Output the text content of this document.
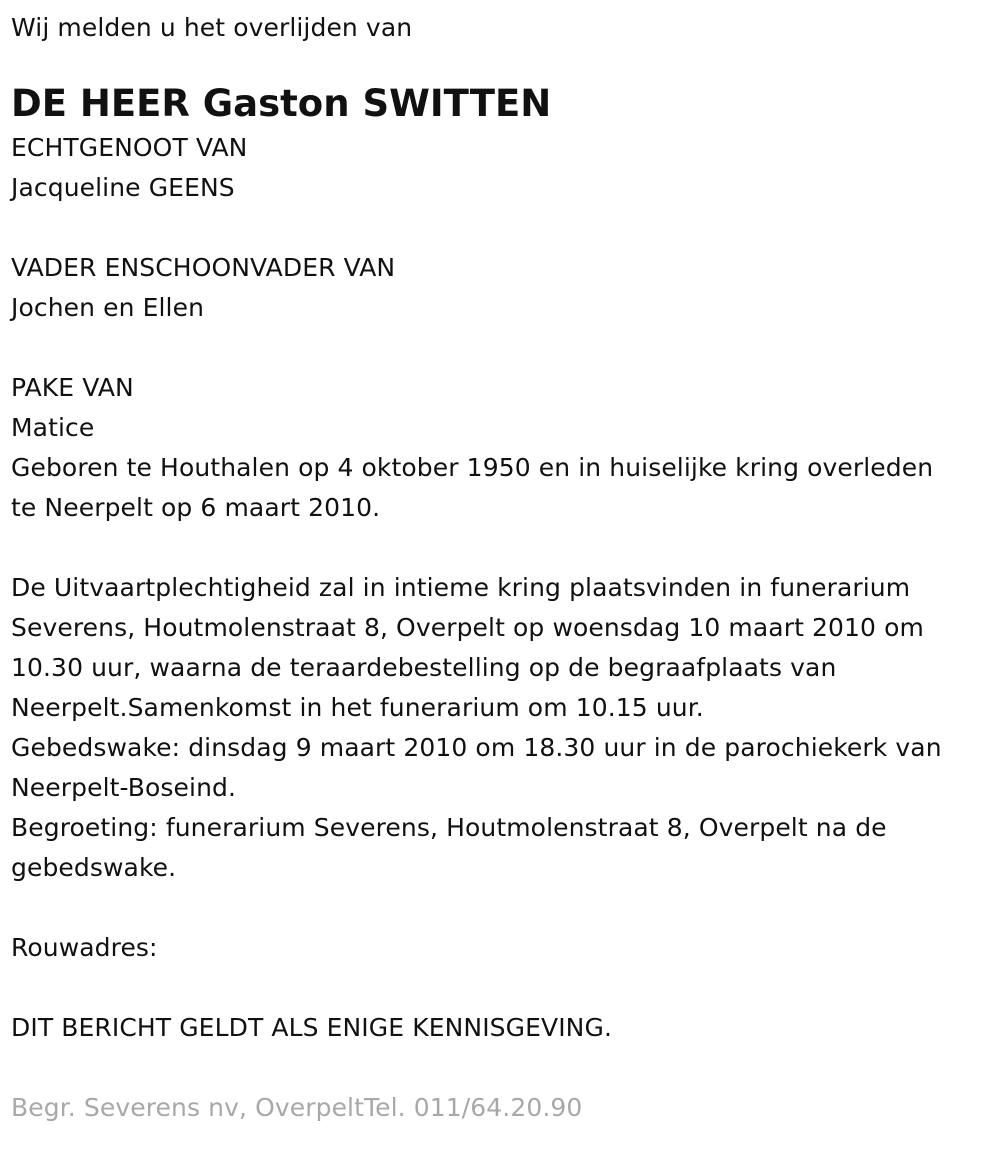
Wij melden u het overlijden van
DE HEER Gaston SWITTEN
ECHTGENOOT VAN
Jacqueline GEENS
VADER ENSCHOONVADER VAN
Jochen en Ellen
PAKE VAN
Matice
Geboren te Houthalen op 4 oktober 1950 en in huiselijke kring overleden
te Neerpelt op 6 maart 2010.
De Uitvaartplechtigheid zal in intieme kring plaatsvinden in funerarium
Severens, Houtmolenstraat 8, Overpelt op woensdag 10 maart 2010 om
10.30 uur, waarna de teraardebestelling op de begraafplaats van
Neerpelt.Samenkomst in het funerarium om 10.15 uur.
Gebedswake: dinsdag 9 maart 2010 om 18.30 uur in de parochiekerk van
Neerpelt-Boseind.
Begroeting: funerarium Severens, Houtmolenstraat 8, Overpelt na de
gebedswake.
Rouwadres:
DIT BERICHT GELDT ALS ENIGE KENNISGEVING.
Begr. Severens nv, OverpeltTel. 011/64.20.90
